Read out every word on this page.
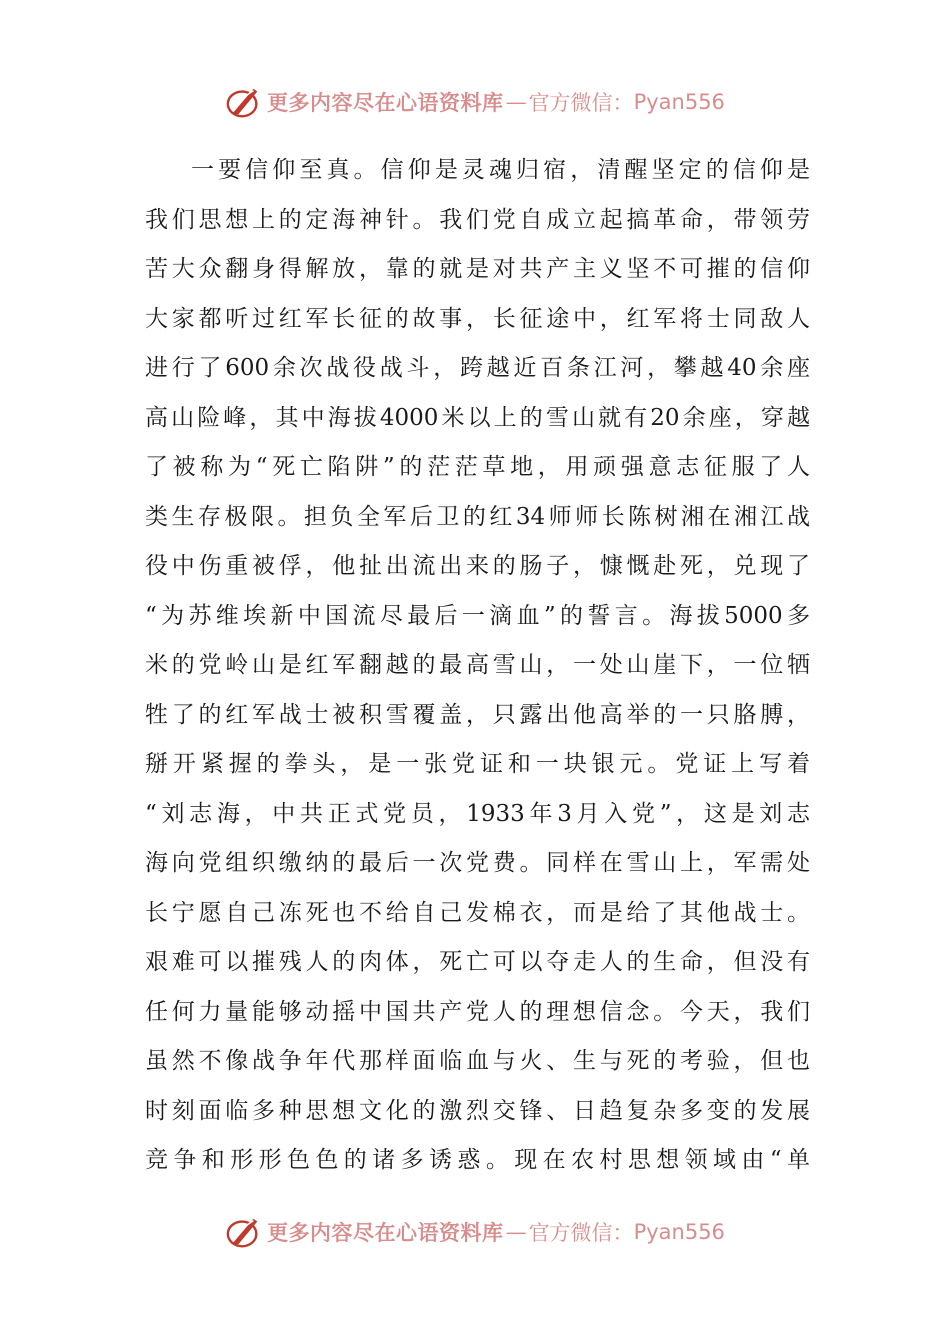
更多内容尽在心语资料库 — 官方微信： Pyan556
一要信仰至真。信仰是灵魂归宿，清醒坚定的信仰是
我们思想上的定海神针。我们党自成立起搞革命，带领劳
苦大众翻身得解放，靠的就是对共产主义坚不可摧的信仰
大家都听过红军长征的故事，长征途中，红军将士同敌人
进行了600余次战役战斗，跨越近百条江河，攀越40余座
高山险峰，其中海拔4000米以上的雪山就有20余座，穿越
了被称为“死亡陷阱”的茫茫草地，用顽强意志征服了人
类生存极限。担负全军后卫的红34师师长陈树湘在湘江战
役中伤重被俘，他扯出流出来的肠子，慷慨赴死，兑现了
“为苏维埃新中国流尽最后一滴血”的誓言。海拔5000多
米的党岭山是红军翻越的最高雪山，一处山崖下，一位牺
牲了的红军战士被积雪覆盖，只露出他高举的一只胳膊，
掰开紧握的拳头，是一张党证和一块银元。党证上写着
“刘志海，中共正式党员，1933年3月入党”，这是刘志
海向党组织缴纳的最后一次党费。同样在雪山上，军需处
长宁愿自己冻死也不给自己发棉衣，而是给了其他战士。
艰难可以摧残人的肉体，死亡可以夺走人的生命，但没有
任何力量能够动摇中国共产党人的理想信念。今天，我们
虽然不像战争年代那样面临血与火、生与死的考验，但也
时刻面临多种思想文化的激烈交锋、日趋复杂多变的发展
竞争和形形色色的诸多诱惑。现在农村思想领域由“单
更多内容尽在心语资料库 — 官方微信： Pyan556
